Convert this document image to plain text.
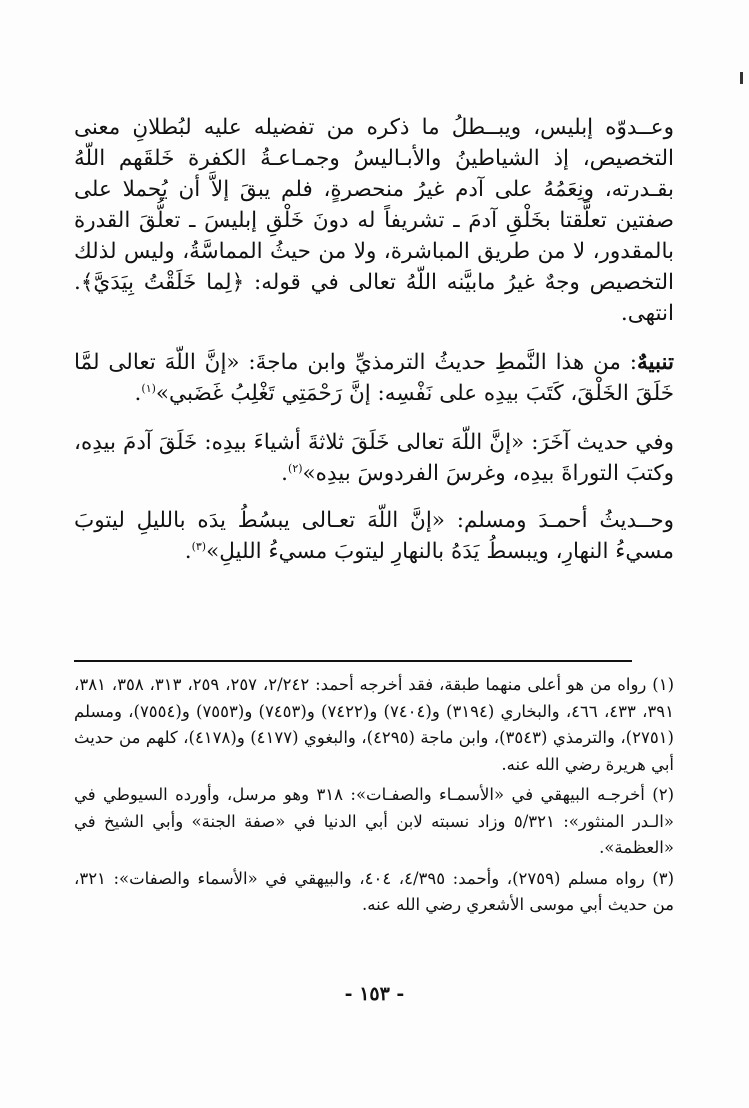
وعــدوّه إبليس، ويبــطلُ ما ذكره من تفضيله عليه لبُطلانِ معنى التخصيص، إذ الشياطينُ والأبـاليسُ وجمـاعـةُ الكفرة خَلقَهم اللّهُ بقـدرته، ونِعَمُهُ على آدم غيرُ منحصرةٍ، فلم يبقَ إلاَّ أن يُحملا على صفتين تعلَّقتا بخَلْقِ آدمَ ـ تشريفاً له دونَ خَلْقِ إبليسَ ـ تعلُّقَ القدرة بالمقدور، لا من طريق المباشرة، ولا من حيثُ المماسَّةُ، وليس لذلك التخصيص وجهٌ غيرُ مابيَّنه اللّهُ تعالى في قوله: ﴿لِما خَلَقْتُ بِيَدَيَّ﴾. انتهى.

تنبيهٌ: من هذا النَّمطِ حديثُ الترمذيِّ وابن ماجةَ: «إنَّ اللّهَ تعالى لمَّا خَلَقَ الخَلْقَ، كَتَبَ بيدِه على نَفْسِه: إنَّ رَحْمَتِي تَغْلِبُ غَضَبي»$^{(١)}$.

وفي حديث آخَرَ: «إنَّ اللّهَ تعالى خَلَقَ ثلاثةَ أشياءَ بيدِه: خَلَقَ آدمَ بيدِه، وكتبَ التوراةَ بيدِه، وغرسَ الفردوسَ بيدِه»$^{(٢)}$.

وحــديثُ أحمـدَ ومسلم: «إنَّ اللّهَ تعـالى يبسُطُ يدَه بالليلِ ليتوبَ مسيءُ النهارِ، ويبسطُ يَدَهُ بالنهارِ ليتوبَ مسيءُ الليلِ»$^{(٣)}$.

(١) رواه من هو أعلى منهما طبقة، فقد أخرجه أحمد: ٢/٢٤٢، ٢٥٧، ٢٥٩، ٣١٣، ٣٥٨، ٣٨١، ٣٩١، ٤٣٣، ٤٦٦، والبخاري (٣١٩٤) و(٧٤٠٤) و(٧٤٢٢) و(٧٤٥٣) و(٧٥٥٣) و(٧٥٥٤)، ومسلم (٢٧٥١)، والترمذي (٣٥٤٣)، وابن ماجة (٤٢٩٥)، والبغوي (٤١٧٧) و(٤١٧٨)، كلهم من حديث أبي هريرة رضي الله عنه.

(٢) أخرجـه البيهقي في «الأسمـاء والصفـات»: ٣١٨ وهو مرسل، وأورده السيوطي في «الـدر المنثور»: ٥/٣٢١ وزاد نسبته لابن أبي الدنيا في «صفة الجنة» وأبي الشيخ في «العظمة».

(٣) رواه مسلم (٢٧٥٩)، وأحمد: ٤/٣٩٥، ٤٠٤، والبيهقي في «الأسماء والصفات»: ٣٢١، من حديث أبي موسى الأشعري رضي الله عنه.

- ١٥٣ -
